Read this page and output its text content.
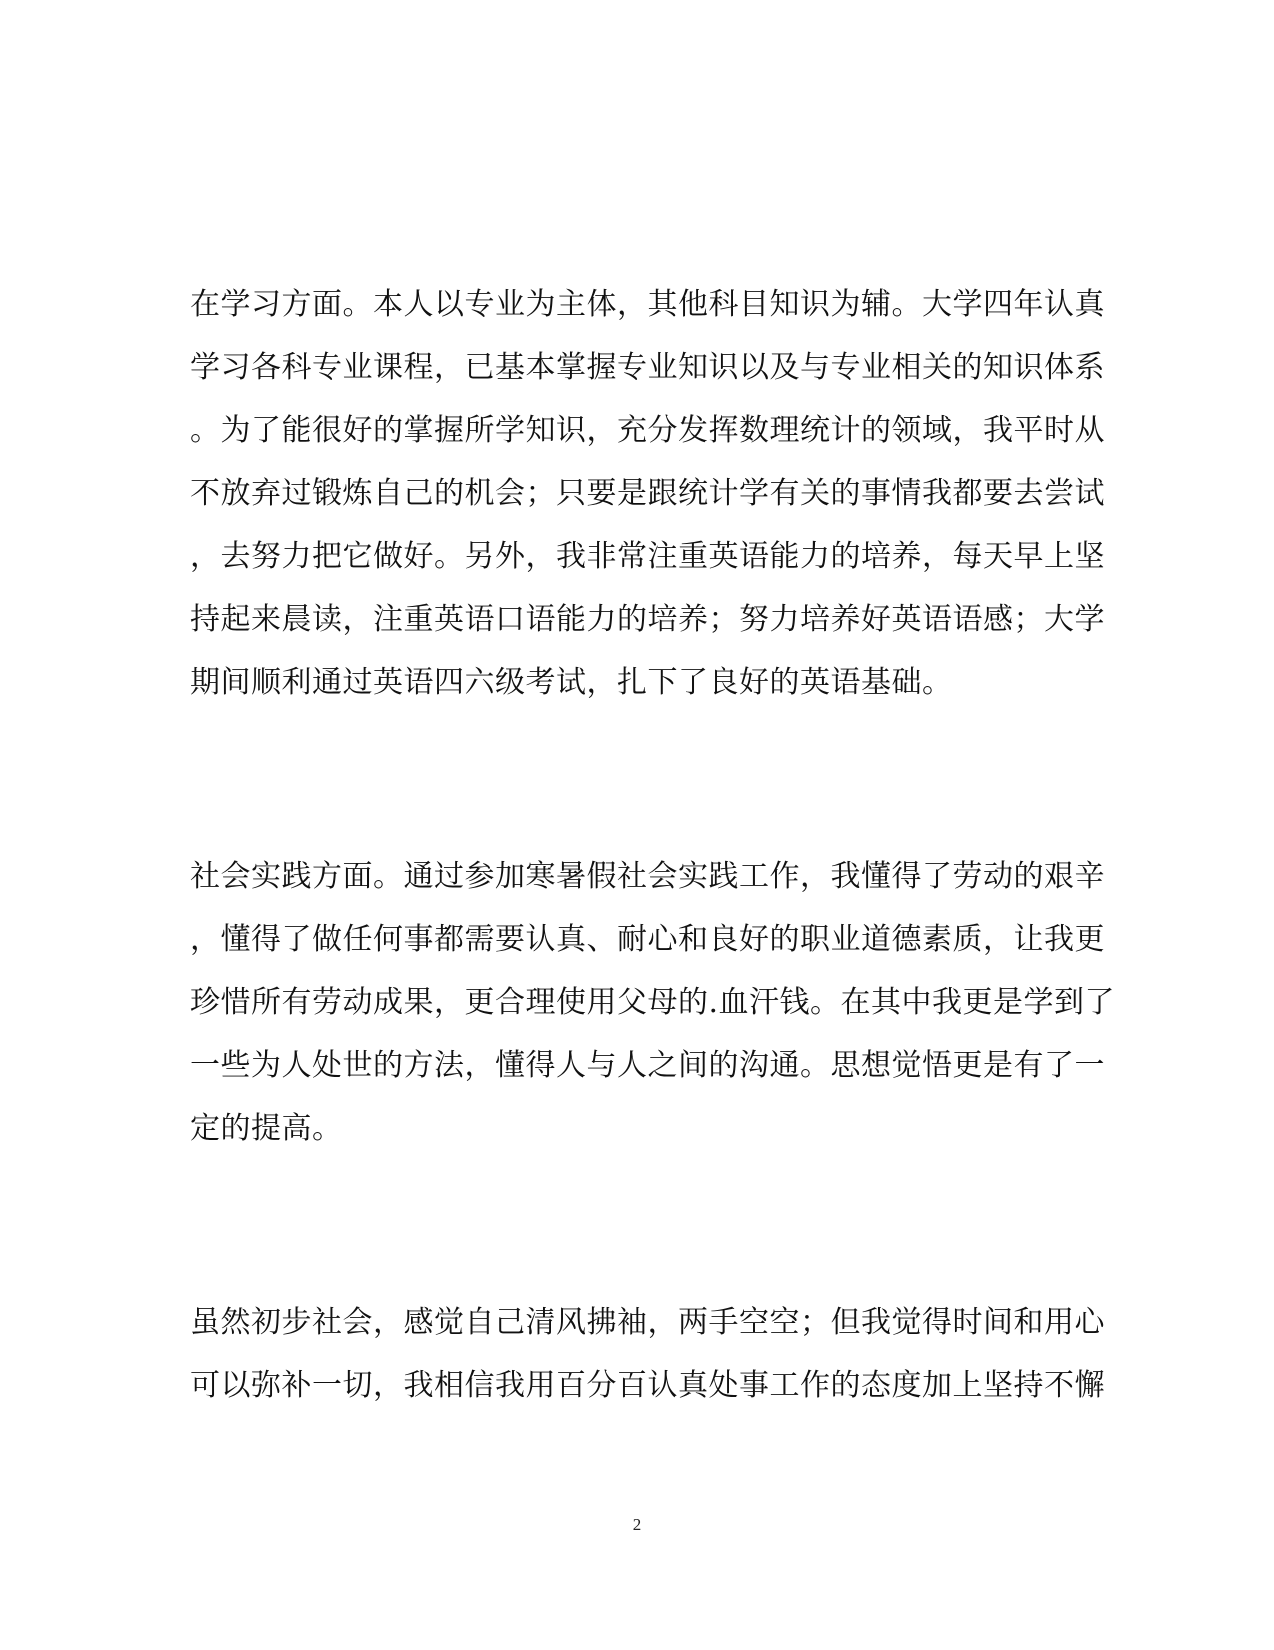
在学习方面。本人以专业为主体，其他科目知识为辅。大学四年认真
学习各科专业课程，已基本掌握专业知识以及与专业相关的知识体系
。为了能很好的掌握所学知识，充分发挥数理统计的领域，我平时从
不放弃过锻炼自己的机会；只要是跟统计学有关的事情我都要去尝试
，去努力把它做好。另外，我非常注重英语能力的培养，每天早上坚
持起来晨读，注重英语口语能力的培养；努力培养好英语语感；大学
期间顺利通过英语四六级考试，扎下了良好的英语基础。
社会实践方面。通过参加寒暑假社会实践工作，我懂得了劳动的艰辛
，懂得了做任何事都需要认真、耐心和良好的职业道德素质，让我更
珍惜所有劳动成果，更合理使用父母的.血汗钱。在其中我更是学到了
一些为人处世的方法，懂得人与人之间的沟通。思想觉悟更是有了一
定的提高。
虽然初步社会，感觉自己清风拂袖，两手空空；但我觉得时间和用心
可以弥补一切，我相信我用百分百认真处事工作的态度加上坚持不懈
2
